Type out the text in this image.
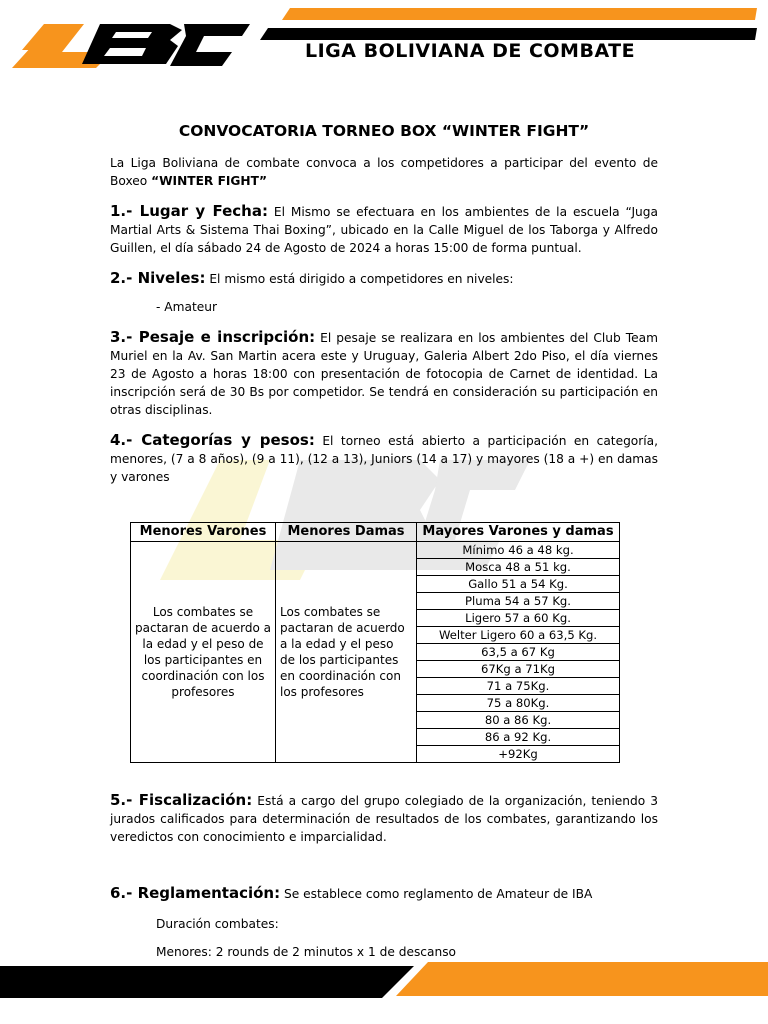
LIGA BOLIVIANA DE COMBATE
CONVOCATORIA TORNEO BOX “WINTER FIGHT”

La Liga Boliviana de combate convoca a los competidores a participar del evento de Boxeo “WINTER FIGHT”

1.- Lugar y Fecha: El Mismo se efectuara en los ambientes de la escuela “Juga Martial Arts & Sistema Thai Boxing”, ubicado en la Calle Miguel de los Taborga y Alfredo Guillen, el día sábado 24 de Agosto de 2024 a horas 15:00 de forma puntual.

2.- Niveles: El mismo está dirigido a competidores en niveles:

- Amateur

3.- Pesaje e inscripción: El pesaje se realizara en los ambientes del Club Team Muriel en la Av. San Martin acera este y Uruguay, Galeria Albert 2do Piso, el día viernes 23 de Agosto a horas 18:00 con presentación de fotocopia de Carnet de identidad. La inscripción será de 30 Bs por competidor. Se tendrá en consideración su participación en otras disciplinas.

4.- Categorías y pesos: El torneo está abierto a participación en categoría, menores, (7 a 8 años), (9 a 11), (12 a 13), Juniors (14 a 17) y mayores (18 a +) en damas y varones

Menores Varones	Menores Damas	Mayores Varones y damas
Los combates se pactaran de acuerdo a la edad y el peso de los participantes en coordinación con los profesores	Los combates se pactaran de acuerdo a la edad y el peso de los participantes en coordinación con los profesores	Mínimo 46 a 48 kg.
		Mosca 48 a 51 kg.
		Gallo 51 a 54 Kg.
		Pluma 54 a 57 Kg.
		Ligero 57 a 60 Kg.
		Welter Ligero 60 a 63,5 Kg.
		63,5 a 67 Kg
		67Kg a 71Kg
		71 a 75Kg.
		75 a 80Kg.
		80 a 86 Kg.
		86 a 92 Kg.
		+92Kg

5.- Fiscalización: Está a cargo del grupo colegiado de la organización, teniendo 3 jurados calificados para determinación de resultados de los combates, garantizando los veredictos con conocimiento e imparcialidad.

6.- Reglamentación: Se establece como reglamento de Amateur de IBA

Duración combates:

Menores: 2 rounds de 2 minutos x 1 de descanso
